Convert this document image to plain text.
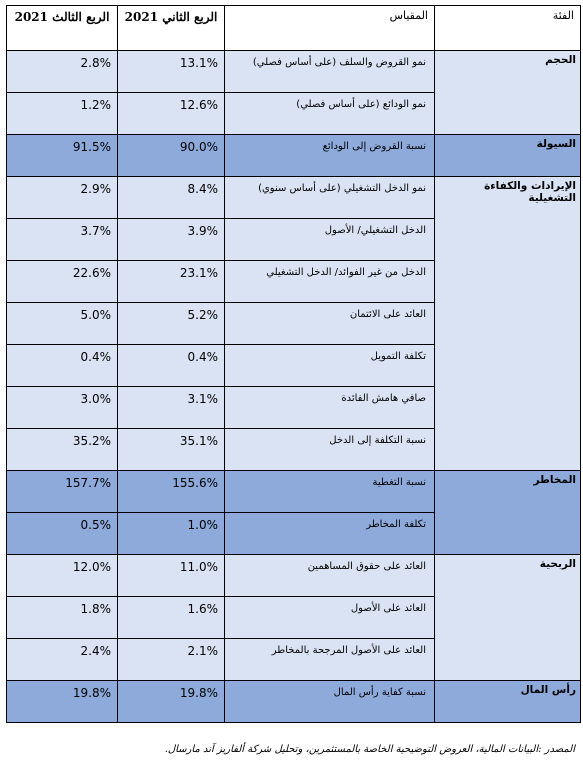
الفئة	المقياس	الربع الثاني 2021	الربع الثالث 2021
الحجم	نمو القروض والسلف (على أساس فصلي)	13.1%	2.8%
	نمو الودائع (على أساس فصلي)	12.6%	1.2%
السيولة	نسبة القروض إلى الودائع	90.0%	91.5%
الإيرادات والكفاءة التشغيلية	نمو الدخل التشغيلي (على أساس سنوي)	8.4%	2.9%
	الدخل التشغيلي/ الأصول	3.9%	3.7%
	الدخل من غير الفوائد/ الدخل التشغيلي	23.1%	22.6%
	العائد على الائتمان	5.2%	5.0%
	تكلفة التمويل	0.4%	0.4%
	صافي هامش الفائدة	3.1%	3.0%
	نسبة التكلفة إلى الدخل	35.1%	35.2%
المخاطر	نسبة التغطية	155.6%	157.7%
	تكلفة المخاطر	1.0%	0.5%
الربحية	العائد على حقوق المساهمين	11.0%	12.0%
	العائد على الأصول	1.6%	1.8%
	العائد على الأصول المرجحة بالمخاطر	2.1%	2.4%
رأس المال	نسبة كفاية رأس المال	19.8%	19.8%
المصدر :البيانات المالية، العروض التوضيحية الخاصة بالمستثمرين، وتحليل شركة ألفاريز آند مارسال.
